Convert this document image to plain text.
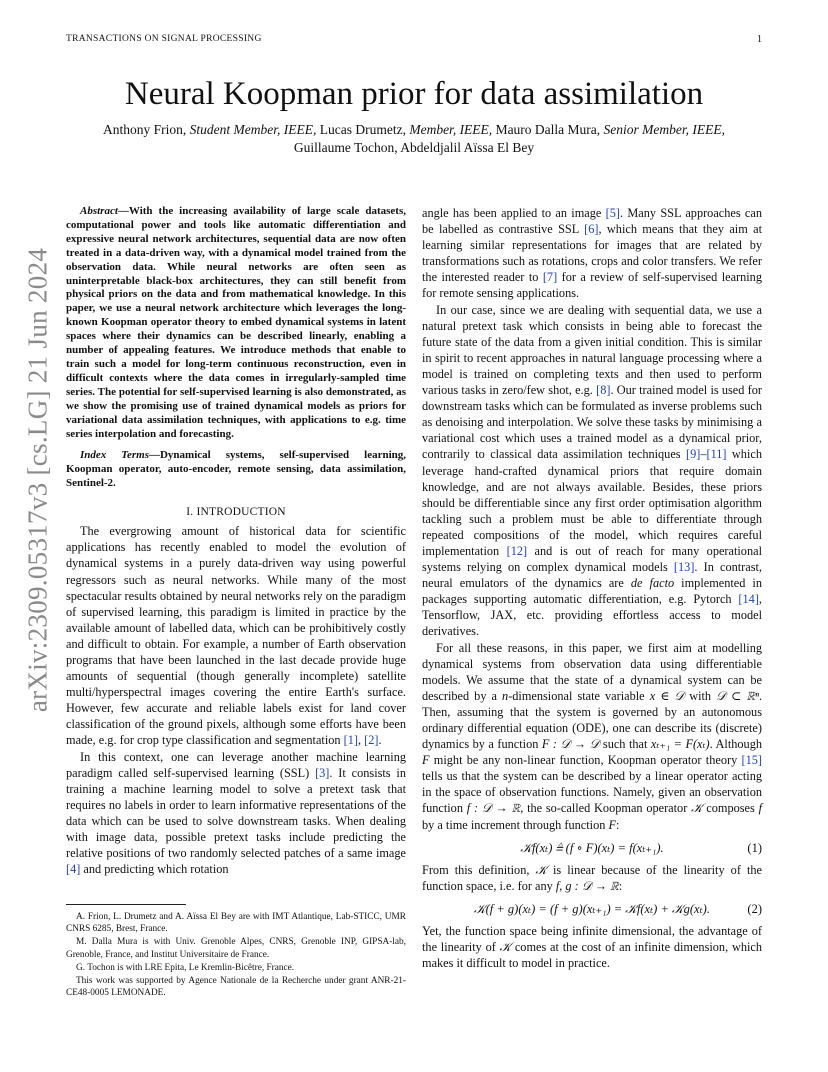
TRANSACTIONS ON SIGNAL PROCESSING	1
arXiv:2309.05317v3 [cs.LG] 21 Jun 2024
Neural Koopman prior for data assimilation
Anthony Frion, Student Member, IEEE, Lucas Drumetz, Member, IEEE, Mauro Dalla Mura, Senior Member, IEEE, Guillaume Tochon, Abdeldjalil Aïssa El Bey

Abstract—With the increasing availability of large scale datasets, computational power and tools like automatic differentiation and expressive neural network architectures, sequential data are now often treated in a data-driven way, with a dynamical model trained from the observation data. While neural networks are often seen as uninterpretable black-box architectures, they can still benefit from physical priors on the data and from mathematical knowledge. In this paper, we use a neural network architecture which leverages the long-known Koopman operator theory to embed dynamical systems in latent spaces where their dynamics can be described linearly, enabling a number of appealing features. We introduce methods that enable to train such a model for long-term continuous reconstruction, even in difficult contexts where the data comes in irregularly-sampled time series. The potential for self-supervised learning is also demonstrated, as we show the promising use of trained dynamical models as priors for variational data assimilation techniques, with applications to e.g. time series interpolation and forecasting.

Index Terms—Dynamical systems, self-supervised learning, Koopman operator, auto-encoder, remote sensing, data assimilation, Sentinel-2.

I. INTRODUCTION

The evergrowing amount of historical data for scientific applications has recently enabled to model the evolution of dynamical systems in a purely data-driven way using powerful regressors such as neural networks. While many of the most spectacular results obtained by neural networks rely on the paradigm of supervised learning, this paradigm is limited in practice by the available amount of labelled data, which can be prohibitively costly and difficult to obtain. For example, a number of Earth observation programs that have been launched in the last decade provide huge amounts of sequential (though generally incomplete) satellite multi/hyperspectral images covering the entire Earth's surface. However, few accurate and reliable labels exist for land cover classification of the ground pixels, although some efforts have been made, e.g. for crop type classification and segmentation [1], [2].

In this context, one can leverage another machine learning paradigm called self-supervised learning (SSL) [3]. It consists in training a machine learning model to solve a pretext task that requires no labels in order to learn informative representations of the data which can be used to solve downstream tasks. When dealing with image data, possible pretext tasks include predicting the relative positions of two randomly selected patches of a same image [4] and predicting which rotation

A. Frion, L. Drumetz and A. Aïssa El Bey are with IMT Atlantique, Lab-STICC, UMR CNRS 6285, Brest, France.

M. Dalla Mura is with Univ. Grenoble Alpes, CNRS, Grenoble INP, GIPSA-lab, Grenoble, France, and Institut Universitaire de France.

G. Tochon is with LRE Epita, Le Kremlin-Bicêtre, France.

This work was supported by Agence Nationale de la Recherche under grant ANR-21-CE48-0005 LEMONADE.

angle has been applied to an image [5]. Many SSL approaches can be labelled as contrastive SSL [6], which means that they aim at learning similar representations for images that are related by transformations such as rotations, crops and color transfers. We refer the interested reader to [7] for a review of self-supervised learning for remote sensing applications.

In our case, since we are dealing with sequential data, we use a natural pretext task which consists in being able to forecast the future state of the data from a given initial condition. This is similar in spirit to recent approaches in natural language processing where a model is trained on completing texts and then used to perform various tasks in zero/few shot, e.g. [8]. Our trained model is used for downstream tasks which can be formulated as inverse problems such as denoising and interpolation. We solve these tasks by minimising a variational cost which uses a trained model as a dynamical prior, contrarily to classical data assimilation techniques [9]–[11] which leverage hand-crafted dynamical priors that require domain knowledge, and are not always available. Besides, these priors should be differentiable since any first order optimisation algorithm tackling such a problem must be able to differentiate through repeated compositions of the model, which requires careful implementation [12] and is out of reach for many operational systems relying on complex dynamical models [13]. In contrast, neural emulators of the dynamics are de facto implemented in packages supporting automatic differentiation, e.g. Pytorch [14], Tensorflow, JAX, etc. providing effortless access to model derivatives.

For all these reasons, in this paper, we first aim at modelling dynamical systems from observation data using differentiable models. We assume that the state of a dynamical system can be described by a n-dimensional state variable x ∈ 𝒟 with 𝒟 ⊂ ℝⁿ. Then, assuming that the system is governed by an autonomous ordinary differential equation (ODE), one can describe its (discrete) dynamics by a function F : 𝒟 → 𝒟 such that xₜ₊₁ = F(xₜ). Although F might be any non-linear function, Koopman operator theory [15] tells us that the system can be described by a linear operator acting in the space of observation functions. Namely, given an observation function f : 𝒟 → ℝ, the so-called Koopman operator 𝒦 composes f by a time increment through function F:

𝒦f(xₜ) ≜ (f ∘ F)(xₜ) = f(xₜ₊₁).	(1)

From this definition, 𝒦 is linear because of the linearity of the function space, i.e. for any f, g : 𝒟 → ℝ:

𝒦(f + g)(xₜ) = (f + g)(xₜ₊₁) = 𝒦f(xₜ) + 𝒦g(xₜ).	(2)

Yet, the function space being infinite dimensional, the advantage of the linearity of 𝒦 comes at the cost of an infinite dimension, which makes it difficult to model in practice.
